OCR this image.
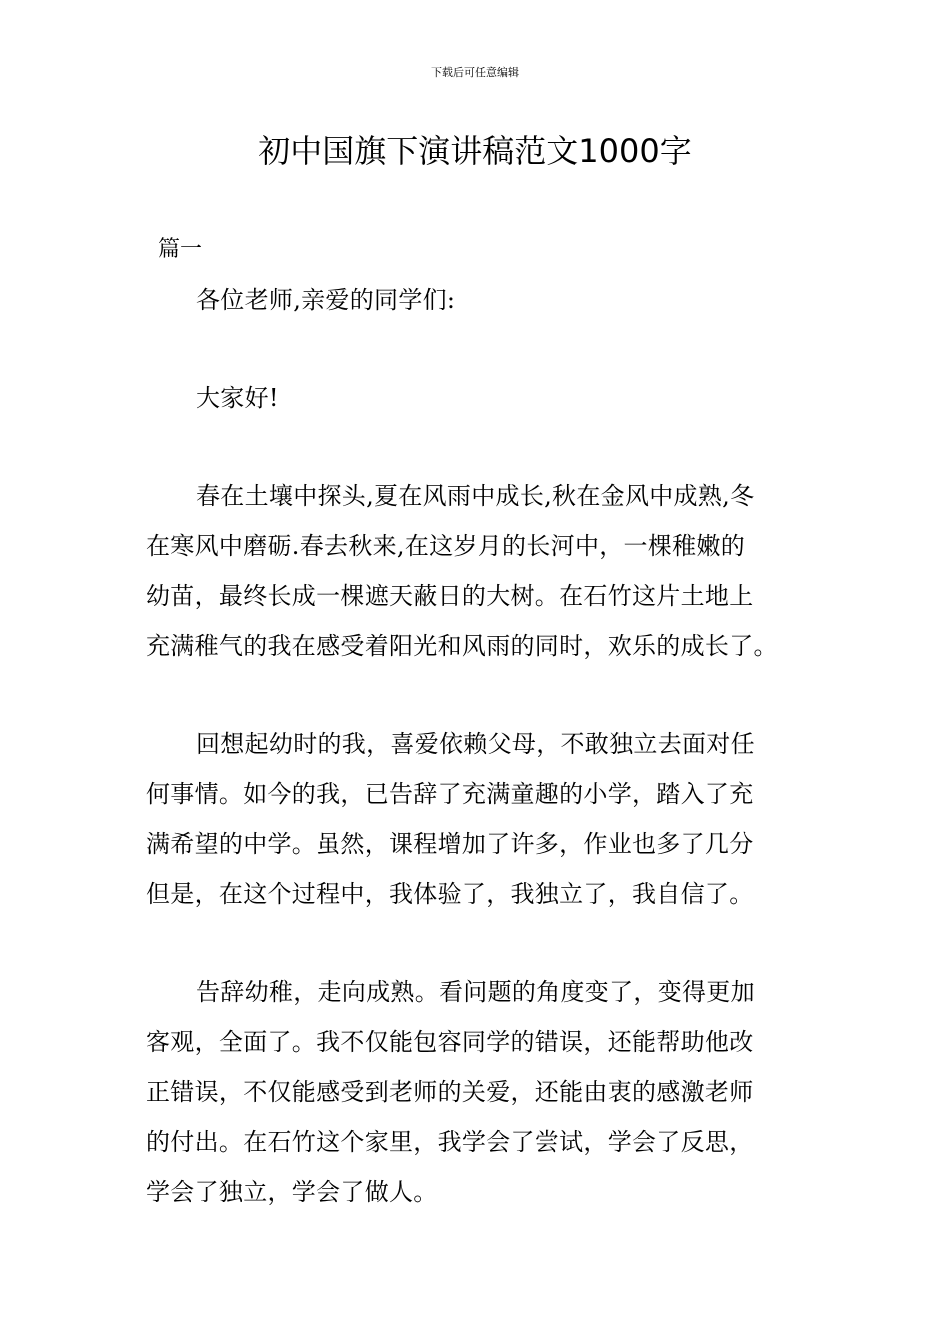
下载后可任意编辑
初中国旗下演讲稿范文1000字
篇一
各位老师,亲爱的同学们:
大家好!
春在土壤中探头,夏在风雨中成长,秋在金风中成熟,冬
在寒风中磨砺.春去秋来,在这岁月的长河中，一棵稚嫩的
幼苗，最终长成一棵遮天蔽日的大树。在石竹这片土地上
充满稚气的我在感受着阳光和风雨的同时，欢乐的成长了。
回想起幼时的我，喜爱依赖父母，不敢独立去面对任
何事情。如今的我，已告辞了充满童趣的小学，踏入了充
满希望的中学。虽然，课程增加了许多，作业也多了几分
但是，在这个过程中，我体验了，我独立了，我自信了。
告辞幼稚，走向成熟。看问题的角度变了，变得更加
客观，全面了。我不仅能包容同学的错误，还能帮助他改
正错误，不仅能感受到老师的关爱，还能由衷的感激老师
的付出。在石竹这个家里，我学会了尝试，学会了反思，
学会了独立，学会了做人。
